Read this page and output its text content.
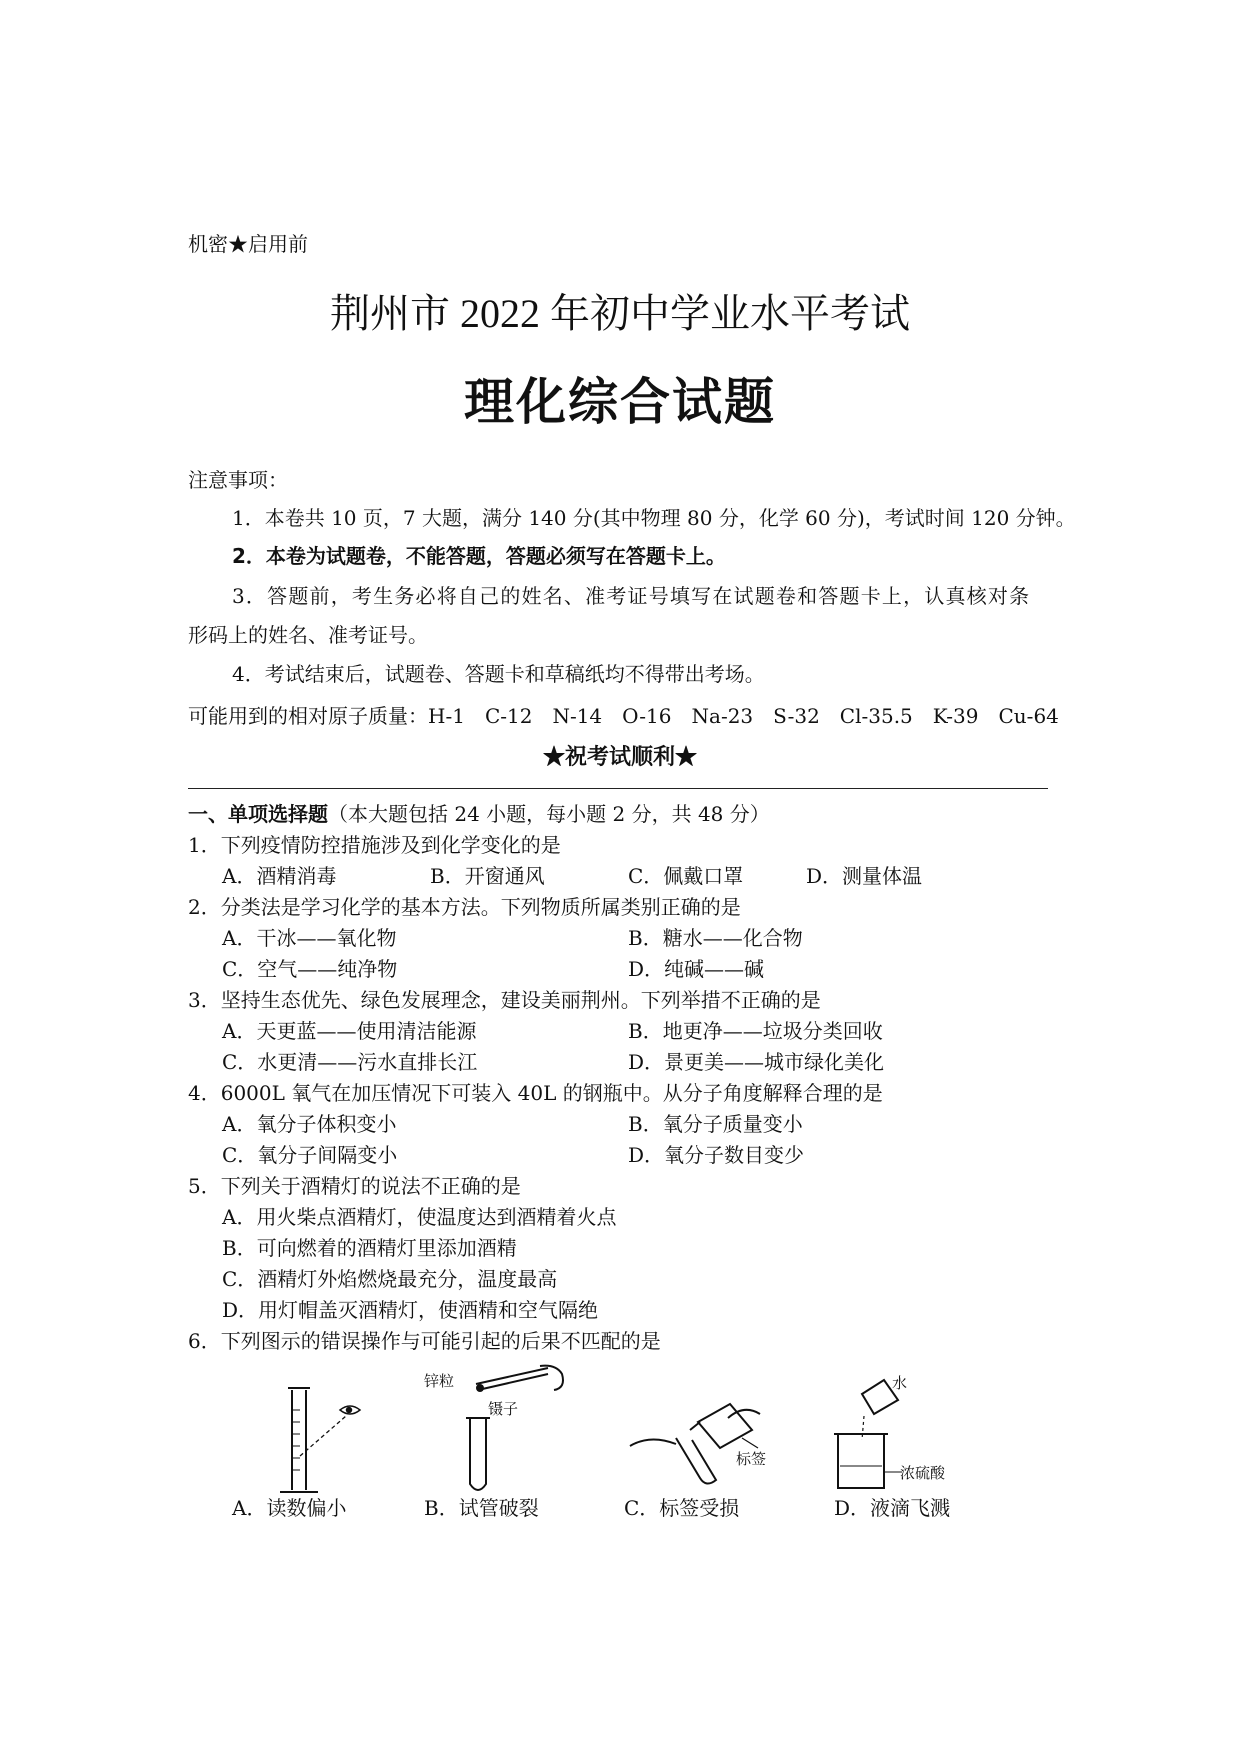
机密★启用前
荆州市 2022 年初中学业水平考试
理化综合试题
注意事项：
1．本卷共 10 页，7 大题，满分 140 分(其中物理 80 分，化学 60 分)，考试时间 120 分钟。
2．本卷为试题卷，不能答题，答题必须写在答题卡上。
3．答题前，考生务必将自己的姓名、准考证号填写在试题卷和答题卡上，认真核对条
形码上的姓名、准考证号。
4．考试结束后，试题卷、答题卡和草稿纸均不得带出考场。
可能用到的相对原子质量：H-1 C-12 N-14 O-16 Na-23 S-32 Cl-35.5 K-39 Cu-64
★祝考试顺利★
一、单项选择题（本大题包括 24 小题，每小题 2 分，共 48 分）
1．下列疫情防控措施涉及到化学变化的是
A．酒精消毒	B．开窗通风	C．佩戴口罩	D．测量体温
2．分类法是学习化学的基本方法。下列物质所属类别正确的是
A．干冰——氧化物	B．糖水——化合物
C．空气——纯净物	D．纯碱——碱
3．坚持生态优先、绿色发展理念，建设美丽荆州。下列举措不正确的是
A．天更蓝——使用清洁能源	B．地更净——垃圾分类回收
C．水更清——污水直排长江	D．景更美——城市绿化美化
4．6000L 氧气在加压情况下可装入 40L 的钢瓶中。从分子角度解释合理的是
A．氧分子体积变小	B．氧分子质量变小
C．氧分子间隔变小	D．氧分子数目变少
5．下列关于酒精灯的说法不正确的是
A．用火柴点酒精灯，使温度达到酒精着火点
B．可向燃着的酒精灯里添加酒精
C．酒精灯外焰燃烧最充分，温度最高
D．用灯帽盖灭酒精灯，使酒精和空气隔绝
6．下列图示的错误操作与可能引起的后果不匹配的是
锌粒
镊子
标签
水
浓硫酸
A．读数偏小	B．试管破裂	C．标签受损	D．液滴飞溅
